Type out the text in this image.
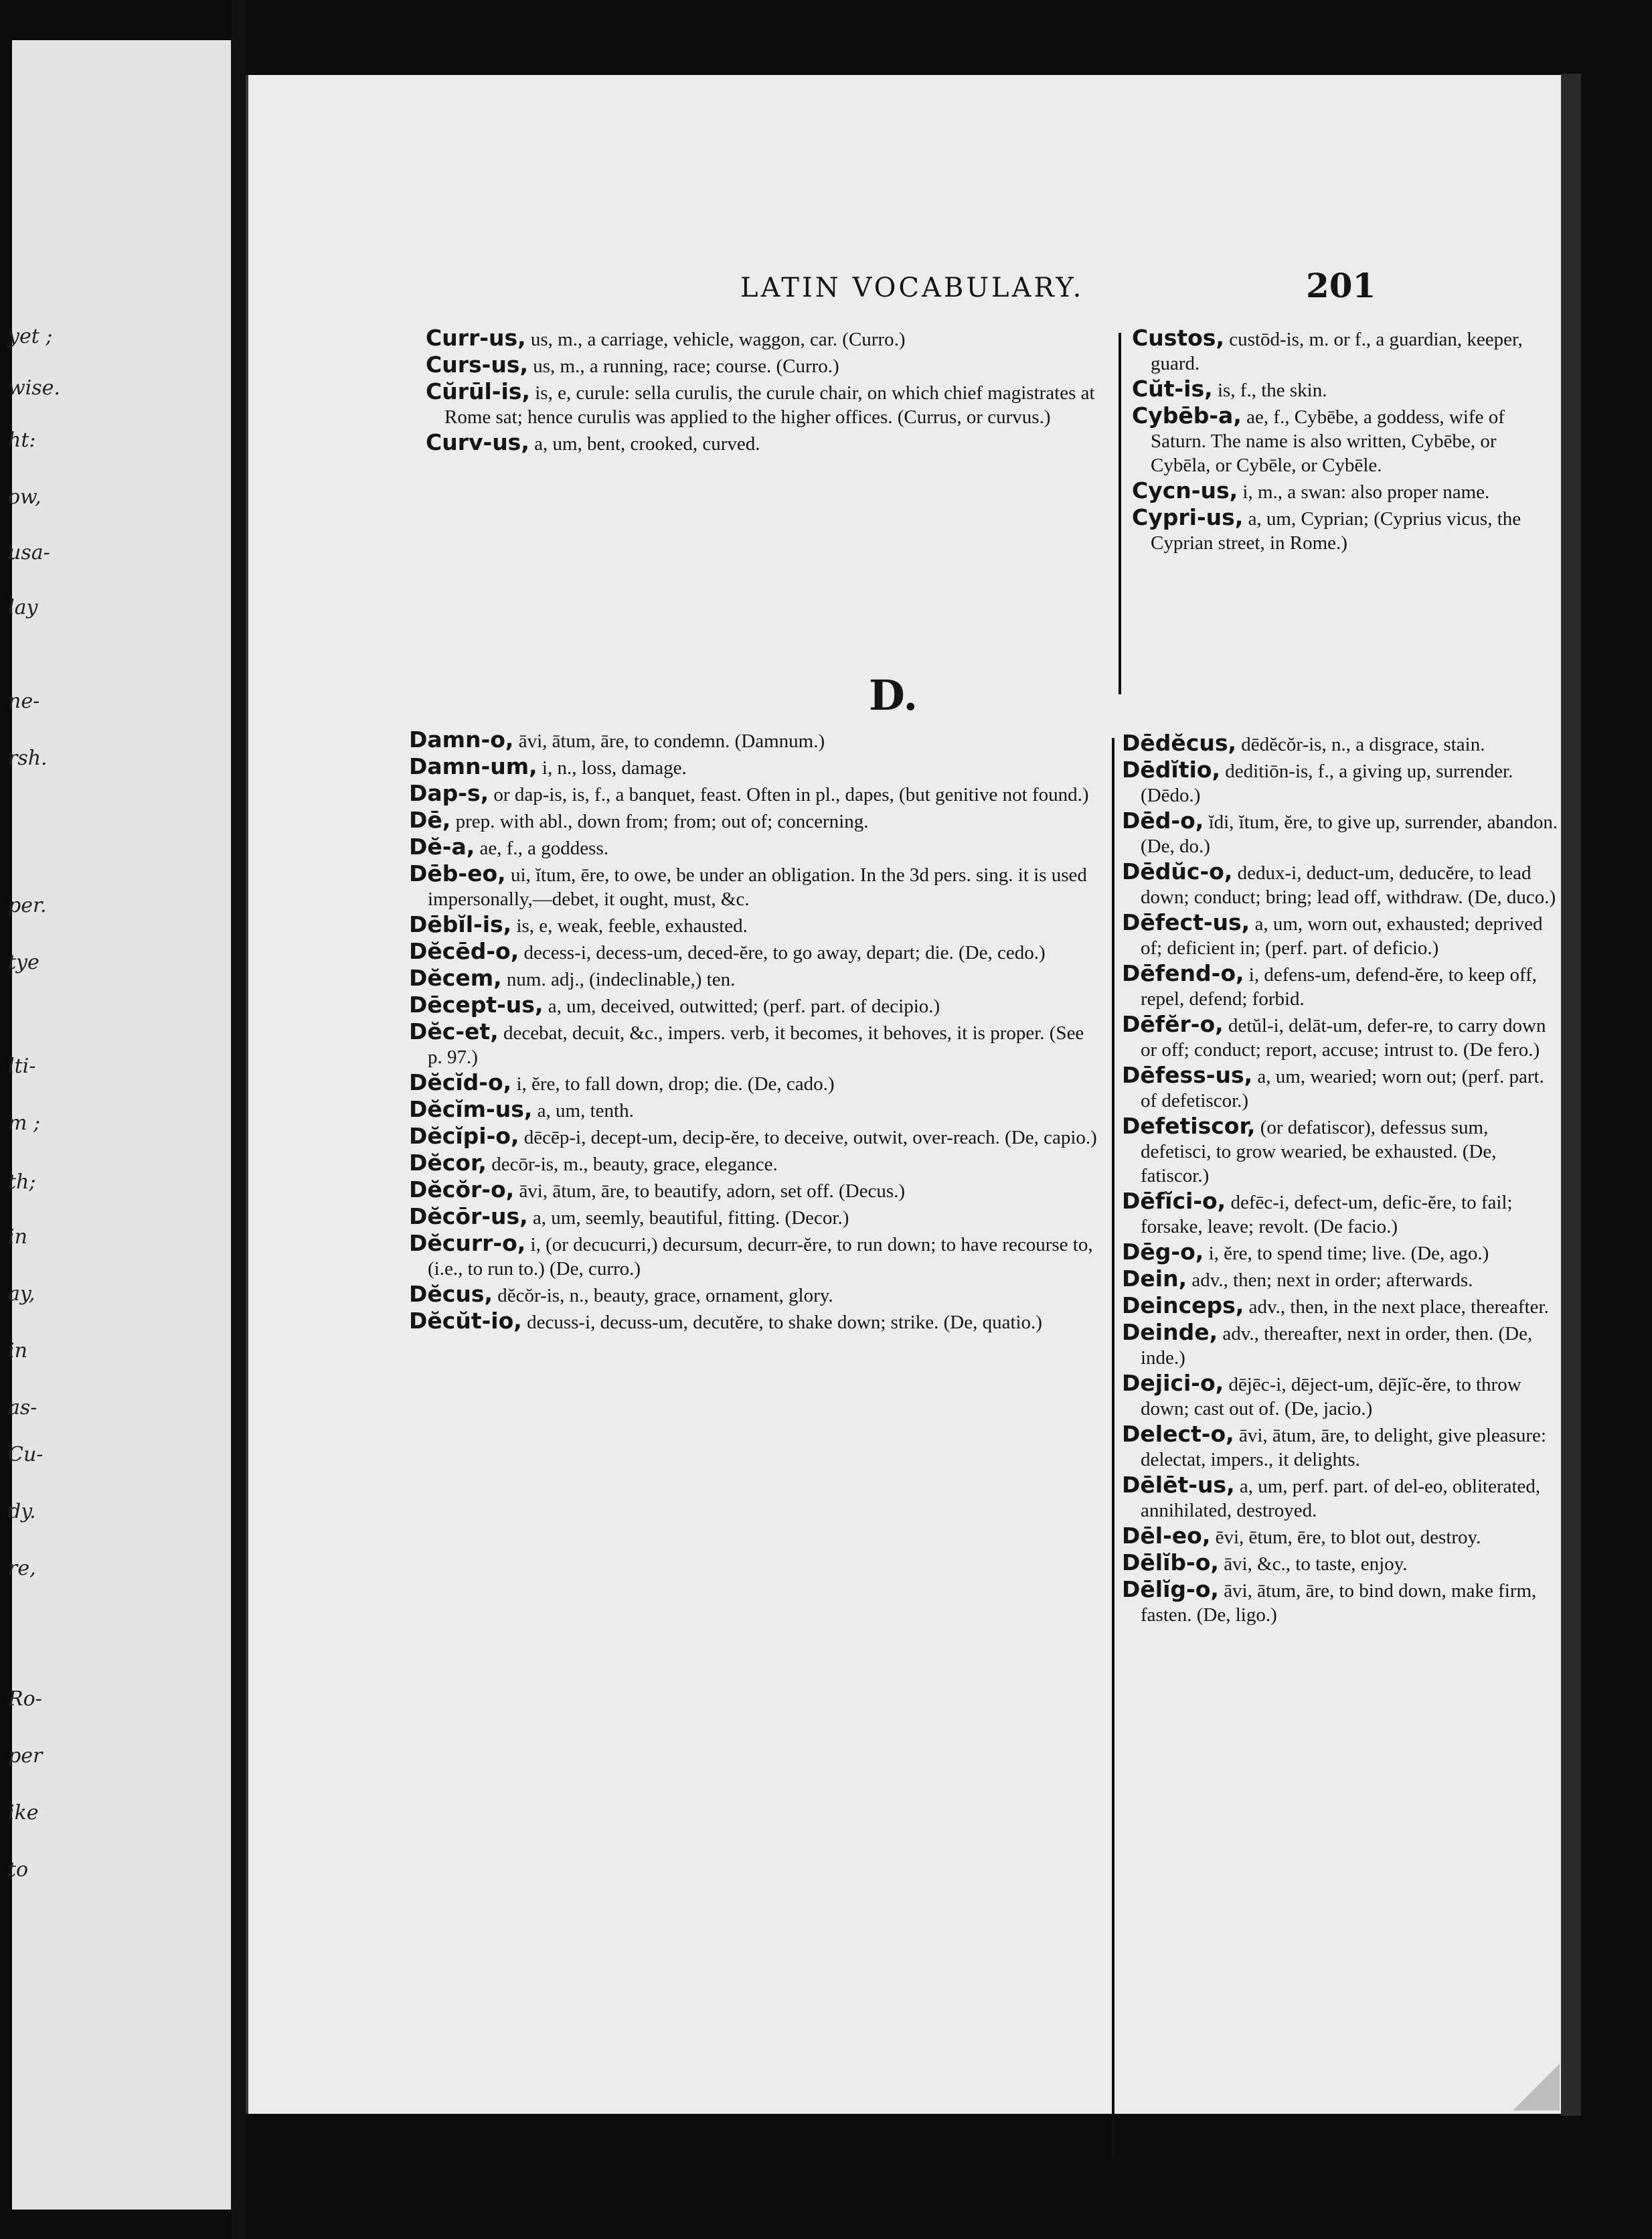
yet ;
wise.
ht:
ow,
usa-
lay
ne-
rsh.
per.
tye
lti-
m ;
th;
in
ay,
in
as-
Cu-
dy.
re,
Ro-
per
ike
to
LATIN VOCABULARY.	201
Curr-us, us, m., a carriage, vehicle, waggon, car. (Curro.)
Curs-us, us, m., a running, race; course. (Curro.)
Cŭrūl-is, is, e, curule: sella curulis, the curule chair, on which chief magistrates at Rome sat; hence curulis was applied to the higher offices. (Currus, or curvus.)
Curv-us, a, um, bent, crooked, curved.
Custos, custōd-is, m. or f., a guardian, keeper, guard.
Cŭt-is, is, f., the skin.
Cybēb-a, ae, f., Cybēbe, a goddess, wife of Saturn. The name is also written, Cybēbe, or Cybēla, or Cybēle, or Cybēle.
Cycn-us, i, m., a swan: also proper name.
Cypri-us, a, um, Cyprian; (Cyprius vicus, the Cyprian street, in Rome.)
D.
Damn-o, āvi, ātum, āre, to condemn. (Damnum.)
Damn-um, i, n., loss, damage.
Dap-s, or dap-is, is, f., a banquet, feast. Often in pl., dapes, (but genitive not found.)
Dē, prep. with abl., down from; from; out of; concerning.
Dĕ-a, ae, f., a goddess.
Dēb-eo, ui, ĭtum, ēre, to owe, be under an obligation. In the 3d pers. sing. it is used impersonally,—debet, it ought, must, &c.
Dēbĭl-is, is, e, weak, feeble, exhausted.
Dĕcēd-o, decess-i, decess-um, deced-ĕre, to go away, depart; die. (De, cedo.)
Dĕcem, num. adj., (indeclinable,) ten.
Dēcept-us, a, um, deceived, outwitted; (perf. part. of decipio.)
Dĕc-et, decebat, decuit, &c., impers. verb, it becomes, it behoves, it is proper. (See p. 97.)
Dĕcĭd-o, i, ĕre, to fall down, drop; die. (De, cado.)
Dĕcĭm-us, a, um, tenth.
Dĕcĭpi-o, dēcēp-i, decept-um, decip-ĕre, to deceive, outwit, over-reach. (De, capio.)
Dĕcor, decōr-is, m., beauty, grace, elegance.
Dĕcŏr-o, āvi, ātum, āre, to beautify, adorn, set off. (Decus.)
Dĕcōr-us, a, um, seemly, beautiful, fitting. (Decor.)
Dĕcurr-o, i, (or decucurri,) decursum, decurr-ĕre, to run down; to have recourse to, (i.e., to run to.) (De, curro.)
Dĕcus, dĕcŏr-is, n., beauty, grace, ornament, glory.
Dĕcŭt-io, decuss-i, decuss-um, decutĕre, to shake down; strike. (De, quatio.)
Dēdĕcus, dēdĕcŏr-is, n., a disgrace, stain.
Dēdĭtio, deditiōn-is, f., a giving up, surrender. (Dēdo.)
Dēd-o, ĭdi, ĭtum, ĕre, to give up, surrender, abandon. (De, do.)
Dēdŭc-o, dedux-i, deduct-um, deducĕre, to lead down; conduct; bring; lead off, withdraw. (De, duco.)
Dēfect-us, a, um, worn out, exhausted; deprived of; deficient in; (perf. part. of deficio.)
Dēfend-o, i, defens-um, defend-ĕre, to keep off, repel, defend; forbid.
Dēfĕr-o, detŭl-i, delāt-um, defer-re, to carry down or off; conduct; report, accuse; intrust to. (De fero.)
Dēfess-us, a, um, wearied; worn out; (perf. part. of defetiscor.)
Defetiscor, (or defatiscor), defessus sum, defetisci, to grow wearied, be exhausted. (De, fatiscor.)
Dēfĭci-o, defēc-i, defect-um, defic-ĕre, to fail; forsake, leave; revolt. (De facio.)
Dēg-o, i, ĕre, to spend time; live. (De, ago.)
Dein, adv., then; next in order; afterwards.
Deinceps, adv., then, in the next place, thereafter.
Deinde, adv., thereafter, next in order, then. (De, inde.)
Dejici-o, dējēc-i, dēject-um, dējĭc-ĕre, to throw down; cast out of. (De, jacio.)
Delect-o, āvi, ātum, āre, to delight, give pleasure: delectat, impers., it delights.
Dēlēt-us, a, um, perf. part. of del-eo, obliterated, annihilated, destroyed.
Dēl-eo, ēvi, ētum, ēre, to blot out, destroy.
Dēlĭb-o, āvi, &c., to taste, enjoy.
Dēlĭg-o, āvi, ātum, āre, to bind down, make firm, fasten. (De, ligo.)
